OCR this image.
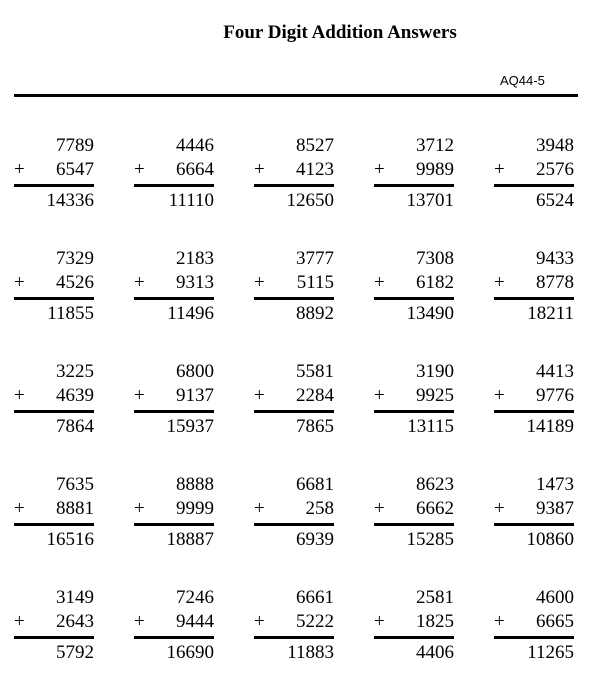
Four Digit Addition Answers
AQ44-5
7789
+ 6547
14336
4446
+ 6664
11110
8527
+ 4123
12650
3712
+ 9989
13701
3948
+ 2576
6524
7329
+ 4526
11855
2183
+ 9313
11496
3777
+ 5115
8892
7308
+ 6182
13490
9433
+ 8778
18211
3225
+ 4639
7864
6800
+ 9137
15937
5581
+ 2284
7865
3190
+ 9925
13115
4413
+ 9776
14189
7635
+ 8881
16516
8888
+ 9999
18887
6681
+ 258
6939
8623
+ 6662
15285
1473
+ 9387
10860
3149
+ 2643
5792
7246
+ 9444
16690
6661
+ 5222
11883
2581
+ 1825
4406
4600
+ 6665
11265
